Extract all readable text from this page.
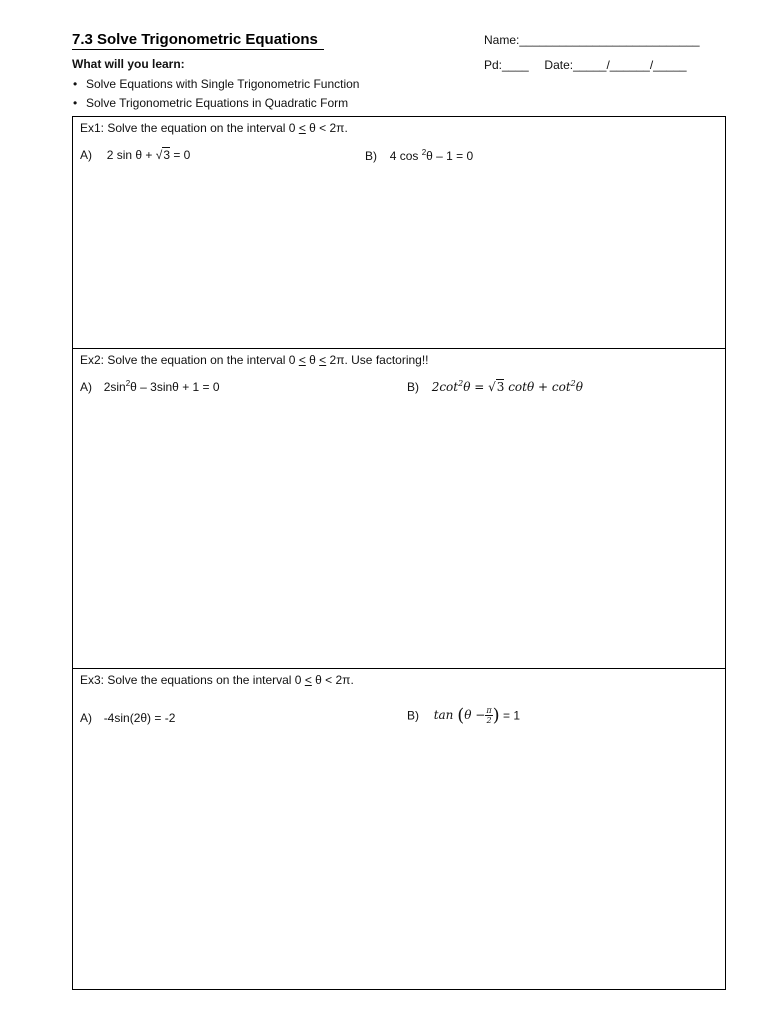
7.3 Solve Trigonometric Equations	Name:___________________________
Pd:____ Date:_____/______/_____
What will you learn:
• Solve Equations with Single Trigonometric Function
• Solve Trigonometric Equations in Quadratic Form
Ex1: Solve the equation on the interval 0 ≤ θ < 2π.
A) 2 sin θ + √3 = 0	B) 4 cos $^2$θ – 1 = 0
Ex2: Solve the equation on the interval 0 ≤ θ ≤ 2π. Use factoring!!
A) $2\sin^2\theta - 3\sin\theta + 1 = 0$	B) $2\cot^2\theta = √3$ $\cot\theta + \cot^2\theta$
Ex3: Solve the equations on the interval 0 ≤ θ < 2π.
A) -4sin(2θ) = -2	B) $\tan (\theta - \frac{\pi}{2}$ ) = 1
